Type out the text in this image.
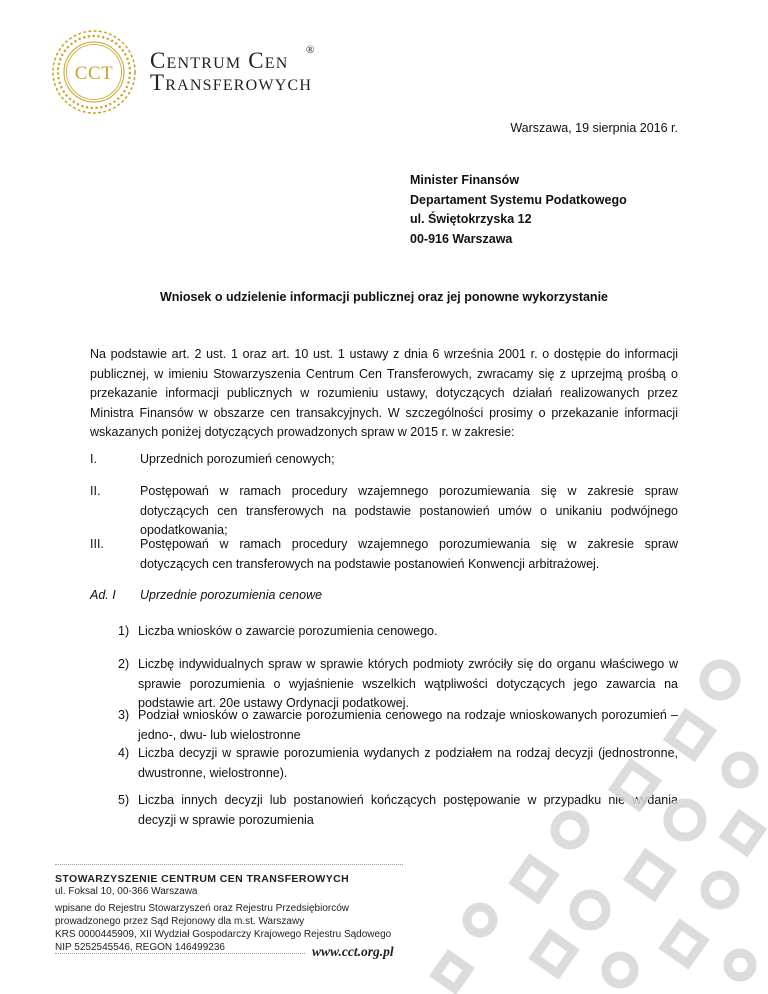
CCT
Centrum Cen
Transferowych
®
Warszawa, 19 sierpnia 2016 r.
Minister Finansów
Departament Systemu Podatkowego
ul. Świętokrzyska 12
00-916 Warszawa
Wniosek o udzielenie informacji publicznej oraz jej ponowne wykorzystanie
Na podstawie art. 2 ust. 1 oraz art. 10 ust. 1 ustawy z dnia 6 września 2001 r. o dostępie do informacji publicznej, w imieniu Stowarzyszenia Centrum Cen Transferowych, zwracamy się z uprzejmą prośbą o przekazanie informacji publicznych w rozumieniu ustawy, dotyczących działań realizowanych przez Ministra Finansów w obszarze cen transakcyjnych. W szczególności prosimy o przekazanie informacji wskazanych poniżej dotyczących prowadzonych spraw w 2015 r. w zakresie:
I.	Uprzednich porozumień cenowych;
II.	Postępowań w ramach procedury wzajemnego porozumiewania się w zakresie spraw dotyczących cen transferowych na podstawie postanowień umów o unikaniu podwójnego opodatkowania;
III.	Postępowań w ramach procedury wzajemnego porozumiewania się w zakresie spraw dotyczących cen transferowych na podstawie postanowień Konwencji arbitrażowej.
Ad. I Uprzednie porozumienia cenowe
1) Liczba wniosków o zawarcie porozumienia cenowego.
2) Liczbę indywidualnych spraw w sprawie których podmioty zwróciły się do organu właściwego w sprawie porozumienia o wyjaśnienie wszelkich wątpliwości dotyczących jego zawarcia na podstawie art. 20e ustawy Ordynacji podatkowej.
3) Podział wniosków o zawarcie porozumienia cenowego na rodzaje wnioskowanych porozumień – jedno-, dwu- lub wielostronne
4) Liczba decyzji w sprawie porozumienia wydanych z podziałem na rodzaj decyzji (jednostronne, dwustronne, wielostronne).
5) Liczba innych decyzji lub postanowień kończących postępowanie w przypadku nie wydania decyzji w sprawie porozumienia
STOWARZYSZENIE CENTRUM CEN TRANSFEROWYCH
ul. Foksal 10, 00-366 Warszawa
wpisane do Rejestru Stowarzyszeń oraz Rejestru Przedsiębiorców
prowadzonego przez Sąd Rejonowy dla m.st. Warszawy
KRS 0000445909, XII Wydział Gospodarczy Krajowego Rejestru Sądowego
NIP 5252545546, REGON 146499236	www.cct.org.pl
